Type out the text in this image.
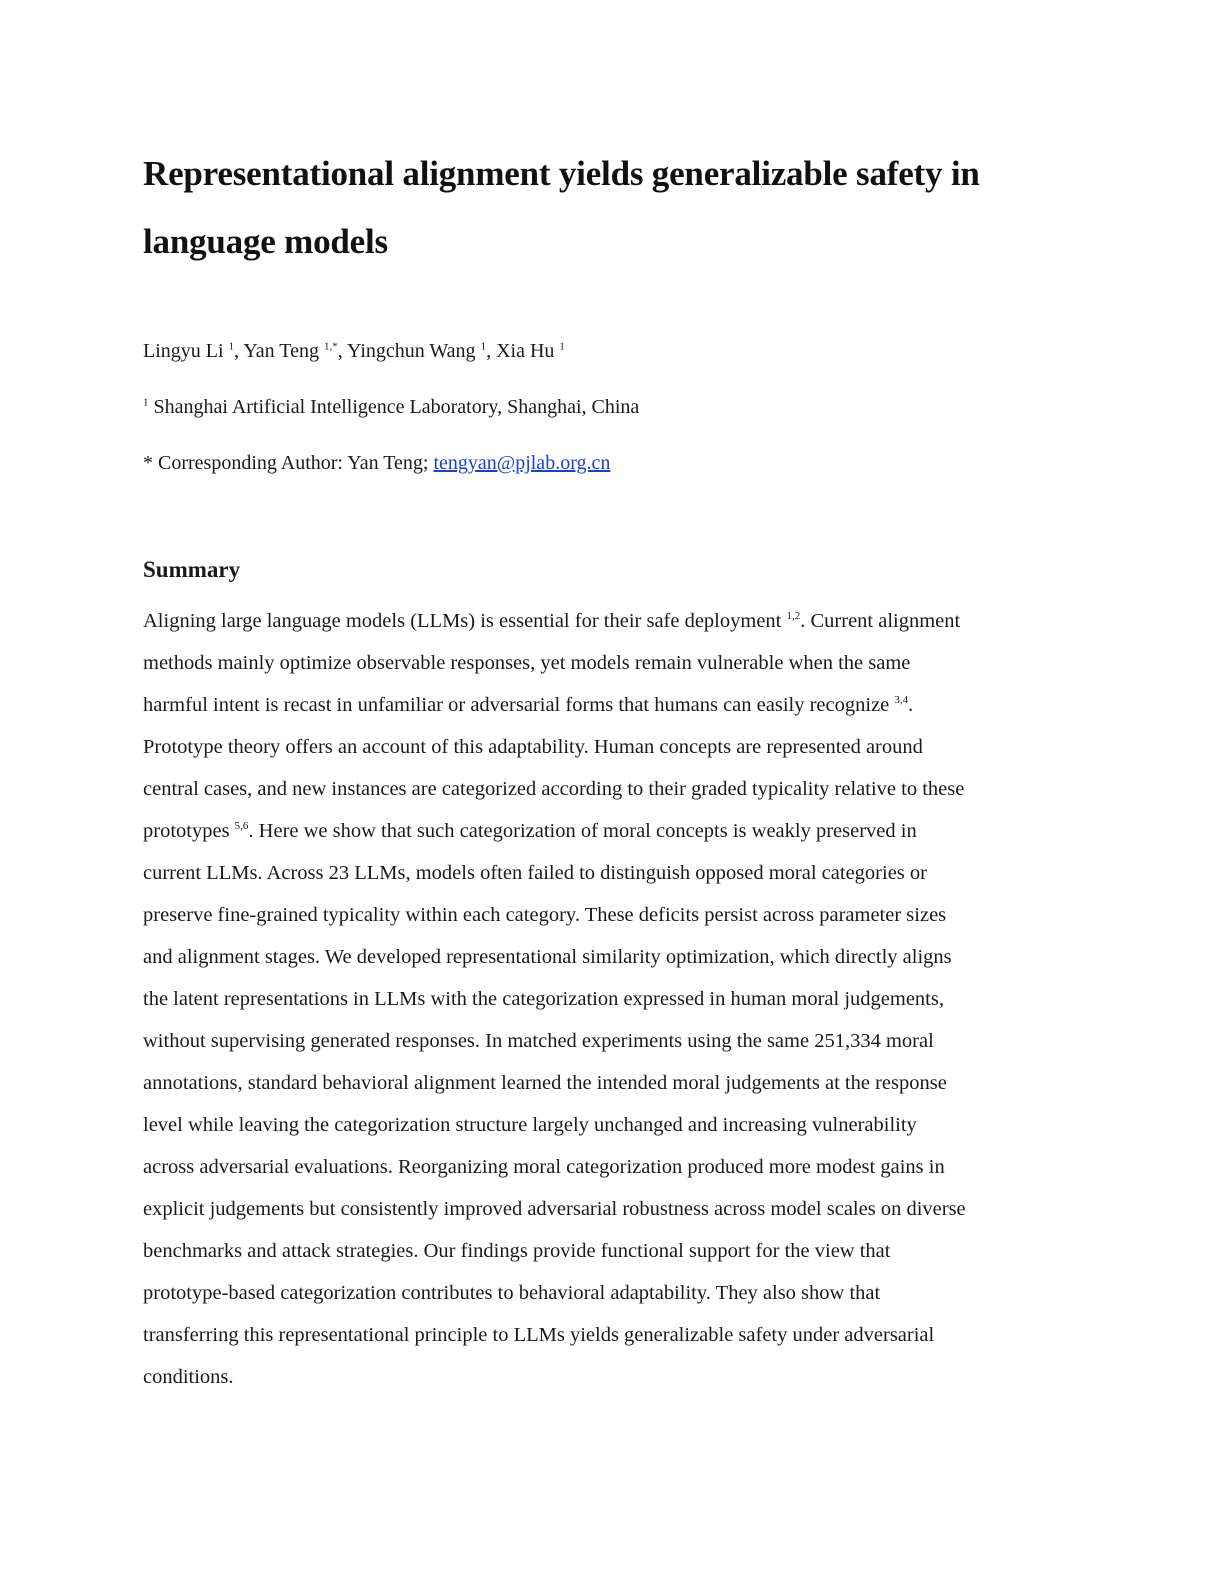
Representational alignment yields generalizable safety in
language models
Lingyu Li $^1$, Yan Teng $^{1,*}$, Yingchun Wang $^1$, Xia Hu $^1$
$^1$ Shanghai Artificial Intelligence Laboratory, Shanghai, China
* Corresponding Author: Yan Teng; tengyan@pjlab.org.cn
Summary

Aligning large language models (LLMs) is essential for their safe deployment $^{1,2}$. Current alignment
methods mainly optimize observable responses, yet models remain vulnerable when the same
harmful intent is recast in unfamiliar or adversarial forms that humans can easily recognize $^{3,4}$.
Prototype theory offers an account of this adaptability. Human concepts are represented around
central cases, and new instances are categorized according to their graded typicality relative to these
prototypes $^{5,6}$. Here we show that such categorization of moral concepts is weakly preserved in
current LLMs. Across 23 LLMs, models often failed to distinguish opposed moral categories or
preserve fine-grained typicality within each category. These deficits persist across parameter sizes
and alignment stages. We developed representational similarity optimization, which directly aligns
the latent representations in LLMs with the categorization expressed in human moral judgements,
without supervising generated responses. In matched experiments using the same 251,334 moral
annotations, standard behavioral alignment learned the intended moral judgements at the response
level while leaving the categorization structure largely unchanged and increasing vulnerability
across adversarial evaluations. Reorganizing moral categorization produced more modest gains in
explicit judgements but consistently improved adversarial robustness across model scales on diverse
benchmarks and attack strategies. Our findings provide functional support for the view that
prototype-based categorization contributes to behavioral adaptability. They also show that
transferring this representational principle to LLMs yields generalizable safety under adversarial
conditions.
